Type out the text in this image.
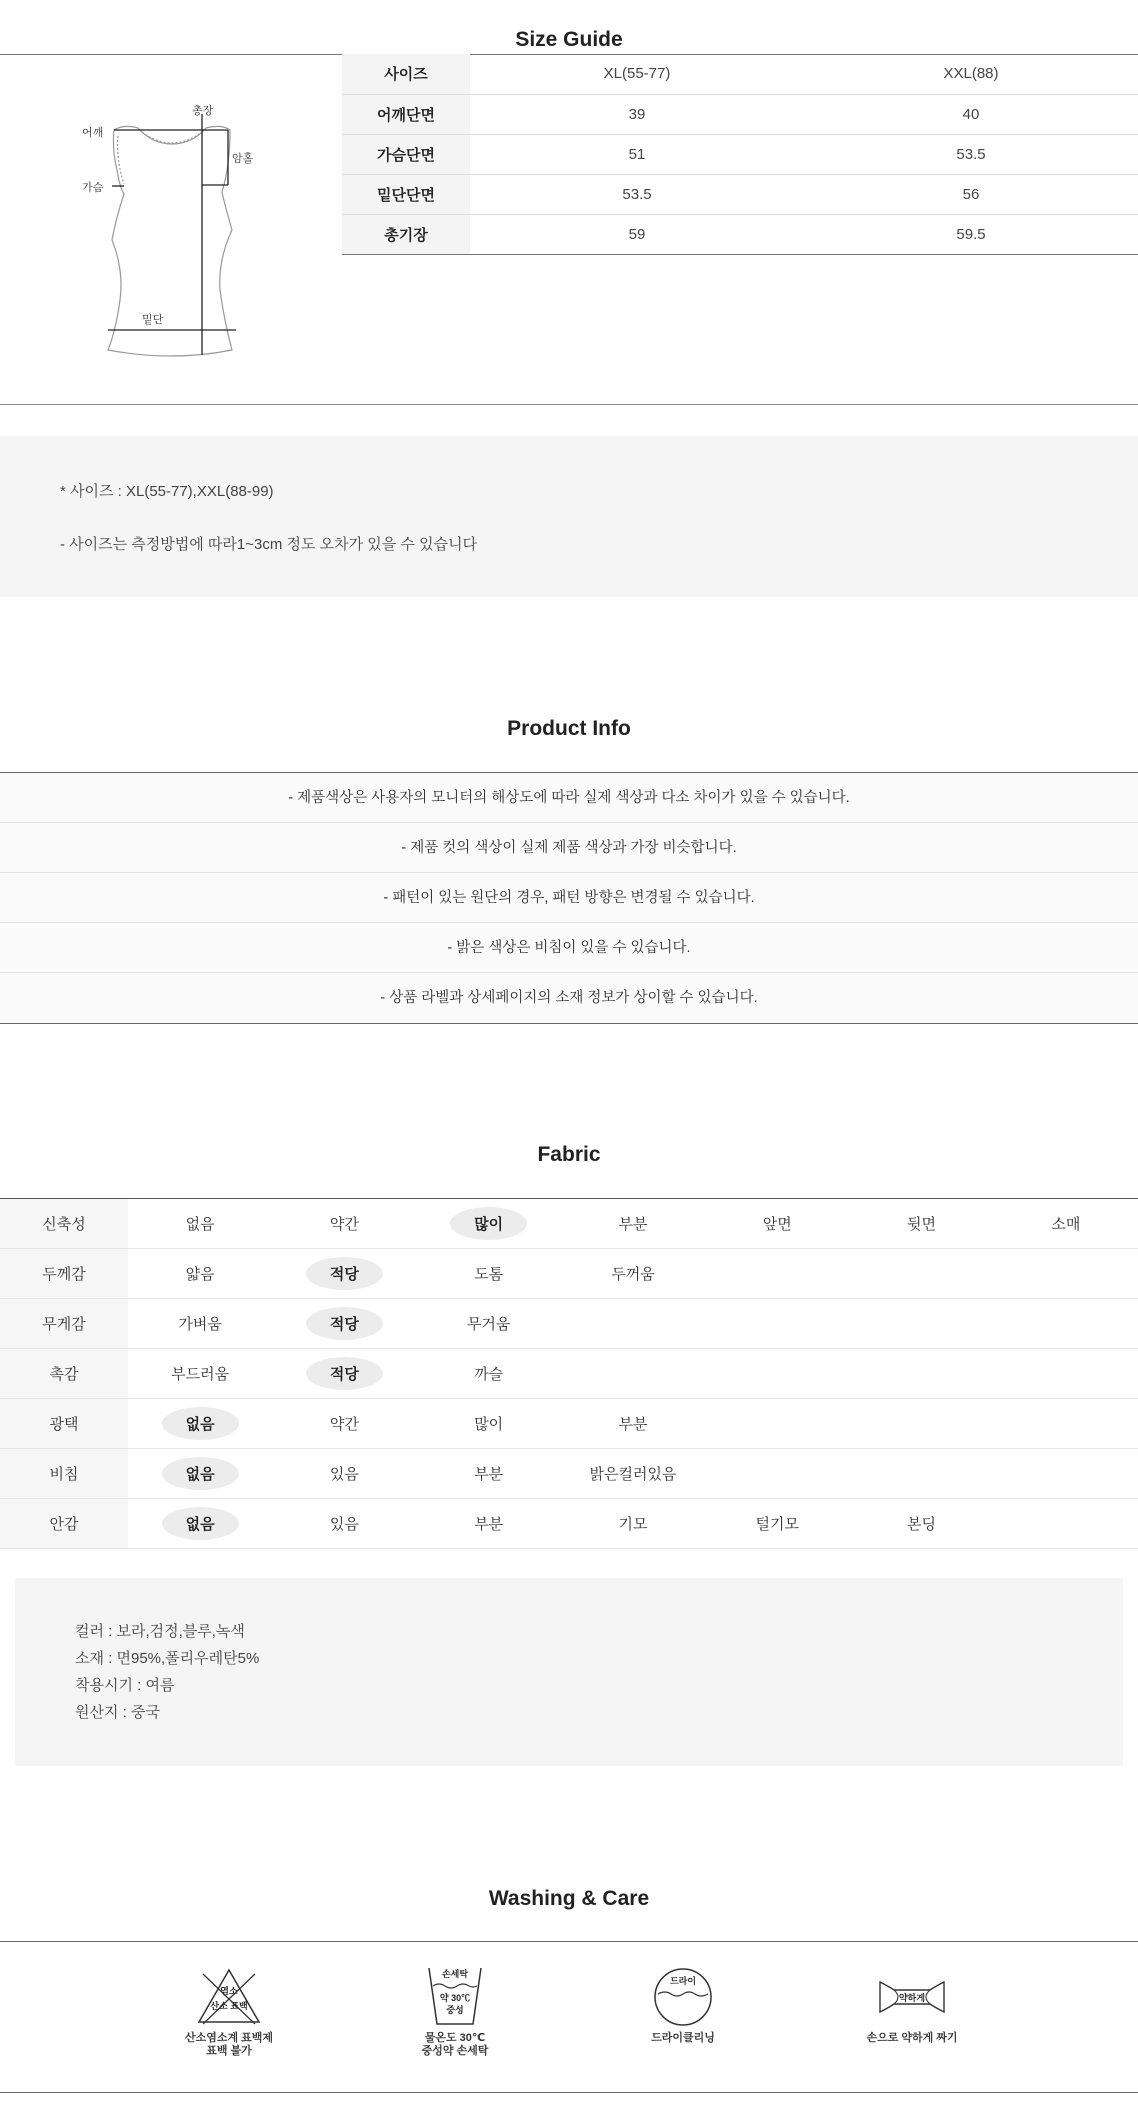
Size Guide
어깨
총장
암홀
가슴
밑단
사이즈	XL(55-77)	XXL(88)
어깨단면	39	40
가슴단면	51	53.5
밑단단면	53.5	56
총기장	59	59.5

* 사이즈 : XL(55-77),XXL(88-99)

- 사이즈는 측정방법에 따라1~3cm 정도 오차가 있을 수 있습니다

Product Info
- 제품색상은 사용자의 모니터의 해상도에 따라 실제 색상과 다소 차이가 있을 수 있습니다.
- 제품 컷의 색상이 실제 제품 색상과 가장 비슷합니다.
- 패턴이 있는 원단의 경우, 패턴 방향은 변경될 수 있습니다.
- 밝은 색상은 비침이 있을 수 있습니다.
- 상품 라벨과 상세페이지의 소재 정보가 상이할 수 있습니다.
Fabric
신축성	없음	약간	많이	부분	앞면	뒷면	소매
두께감	얇음	적당	도톰	두꺼움			
무게감	가벼움	적당	무거움				
촉감	부드러움	적당	까슬				
광택	없음	약간	많이	부분			
비침	없음	있음	부분	밝은컬러있음			
안감	없음	있음	부분	기모	털기모	본딩	

컬러 : 보라,검정,블루,녹색

소재 : 면95%,폴리우레탄5%

착용시기 : 여름

원산지 : 중국

Washing & Care
염소
산소 표백
산소염소계 표백제
표백 불가
손세탁
약 30℃
중성
물온도 30℃
중성약 손세탁
드라이
드라이클리닝
약하게
손으로 약하게 짜기
